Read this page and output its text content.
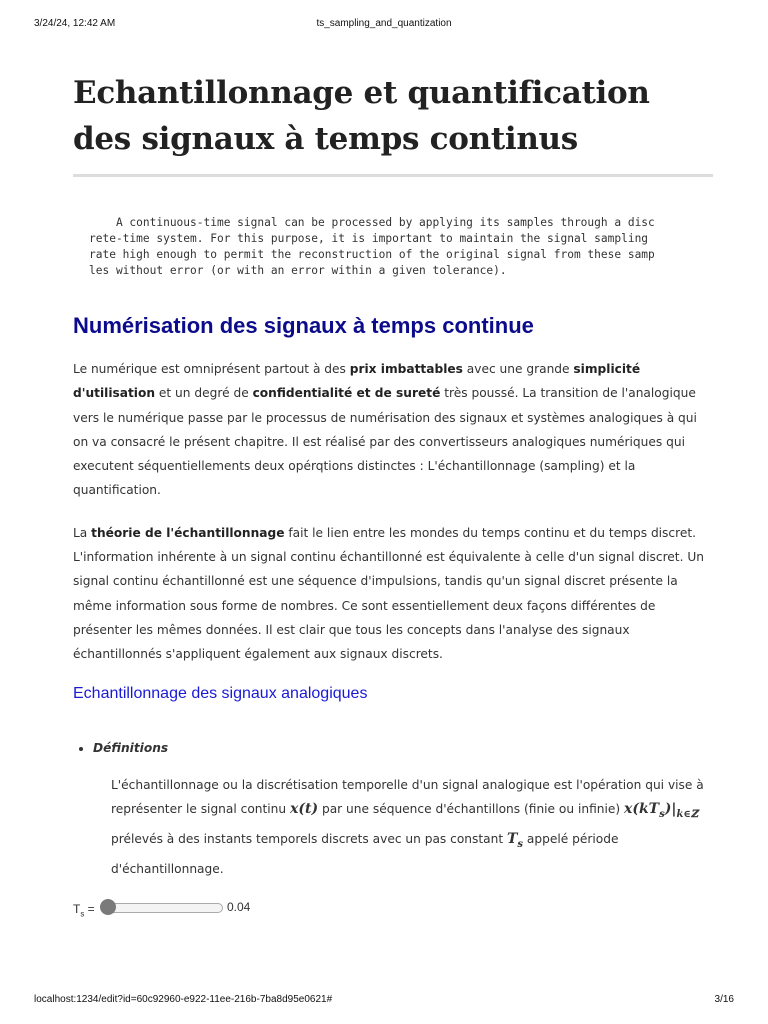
3/24/24, 12:42 AM	ts_sampling_and_quantization
Echantillonnage et quantification des signaux à temps continus
A continuous-time signal can be processed by applying its samples through a disc
rete-time system. For this purpose, it is important to maintain the signal sampling
rate high enough to permit the reconstruction of the original signal from these samp
les without error (or with an error within a given tolerance).
Numérisation des signaux à temps continue

Le numérique est omniprésent partout à des prix imbattables avec une grande simplicité d'utilisation et un degré de confidentialité et de sureté très poussé. La transition de l'analogique vers le numérique passe par le processus de numérisation des signaux et systèmes analogiques à qui on va consacré le présent chapitre. Il est réalisé par des convertisseurs analogiques numériques qui executent séquentiellements deux opérqtions distinctes : L'échantillonnage (sampling) et la quantification.

La théorie de l'échantillonnage fait le lien entre les mondes du temps continu et du temps discret. L'information inhérente à un signal continu échantillonné est équivalente à celle d'un signal discret. Un signal continu échantillonné est une séquence d'impulsions, tandis qu'un signal discret présente la même information sous forme de nombres. Ce sont essentiellement deux façons différentes de présenter les mêmes données. Il est clair que tous les concepts dans l'analyse des signaux échantillonnés s'appliquent également aux signaux discrets.

Echantillonnage des signaux analogiques
• Définitions

L'échantillonnage ou la discrétisation temporelle d'un signal analogique est l'opération qui vise à représenter le signal continu x(t) par une séquence d'échantillons (finie ou infinie) $x(kT_s)|_{k\in ℤ}$ prélevés à des instants temporels discrets avec un pas constant $T_s$ appelé période d'échantillonnage.

$T_s$ =	0.04
localhost:1234/edit?id=60c92960-e922-11ee-216b-7ba8d95e0621#	3/16
